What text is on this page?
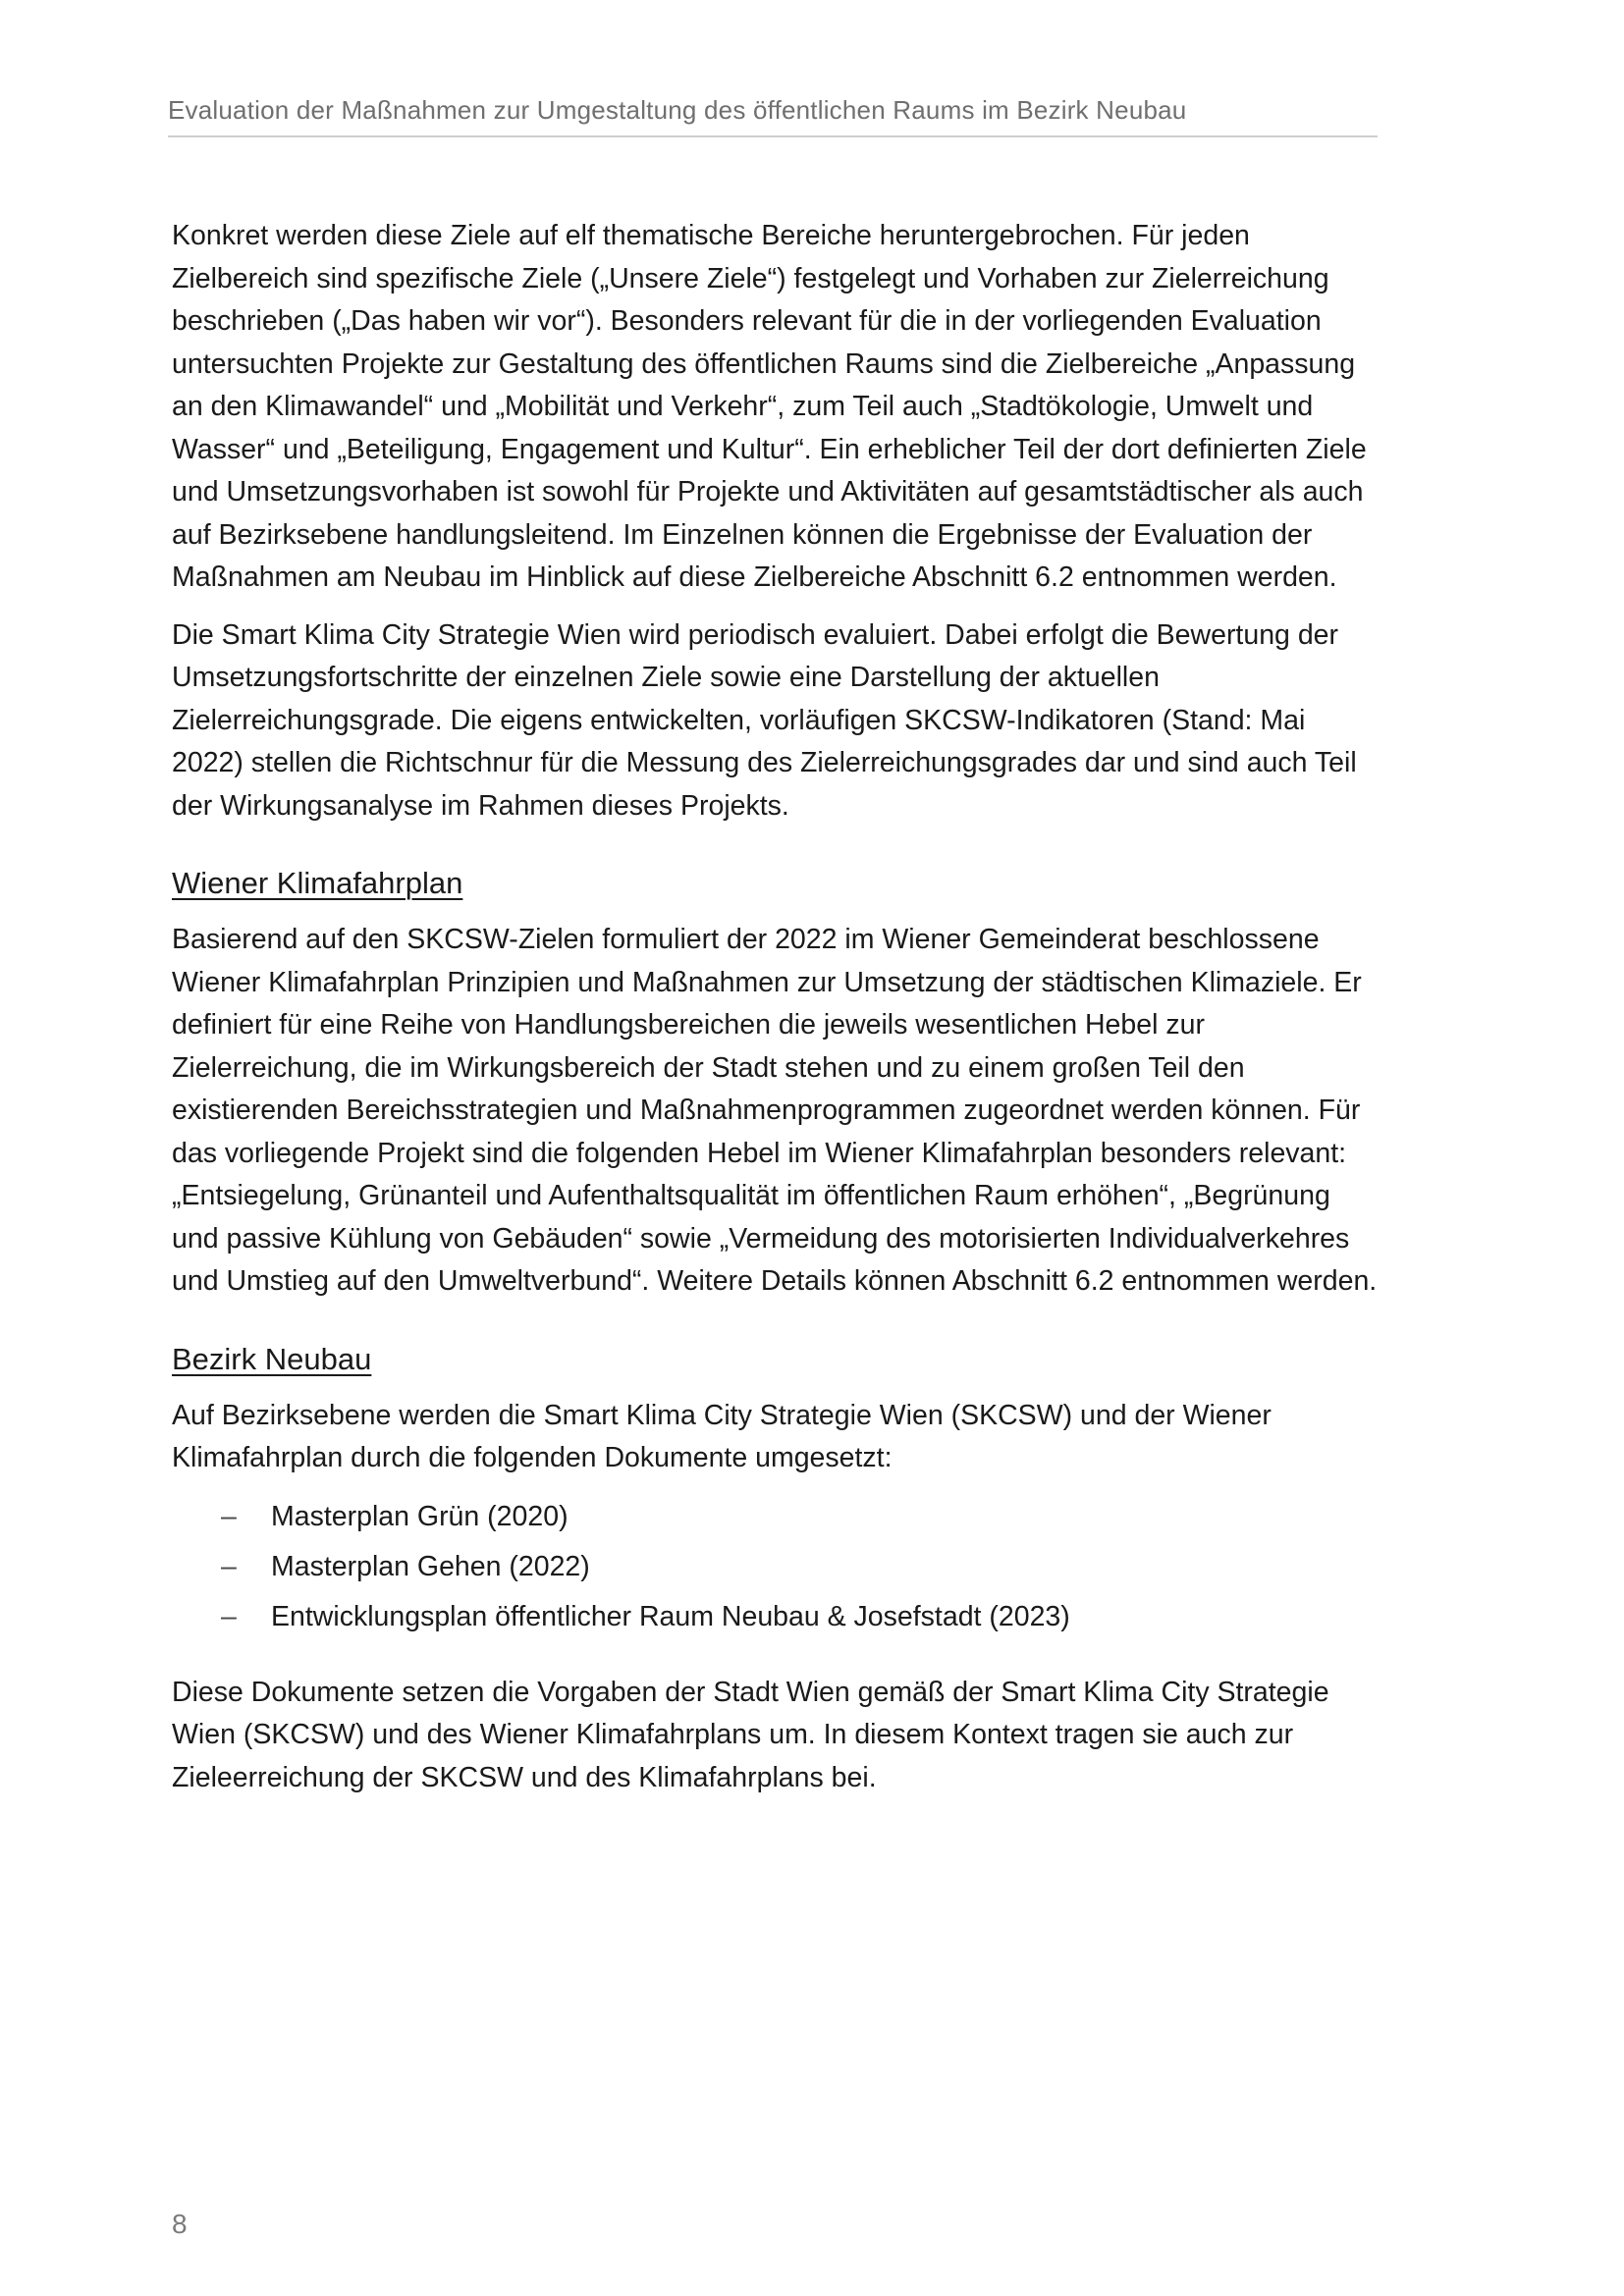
Evaluation der Maßnahmen zur Umgestaltung des öffentlichen Raums im Bezirk Neubau

Konkret werden diese Ziele auf elf thematische Bereiche heruntergebrochen. Für jeden Zielbereich sind spezifische Ziele („Unsere Ziele“) festgelegt und Vorhaben zur Zielerreichung beschrieben („Das haben wir vor“). Besonders relevant für die in der vorliegenden Evaluation untersuchten Projekte zur Gestaltung des öffentlichen Raums sind die Zielbereiche „Anpassung an den Klimawandel“ und „Mobilität und Verkehr“, zum Teil auch „Stadtökologie, Umwelt und Wasser“ und „Beteiligung, Engagement und Kultur“. Ein erheblicher Teil der dort definierten Ziele und Umsetzungsvorhaben ist sowohl für Projekte und Aktivitäten auf gesamtstädtischer als auch auf Bezirksebene handlungsleitend. Im Einzelnen können die Ergebnisse der Evaluation der Maßnahmen am Neubau im Hinblick auf diese Zielbereiche Abschnitt 6.2 entnommen werden.

Die Smart Klima City Strategie Wien wird periodisch evaluiert. Dabei erfolgt die Bewertung der Umsetzungsfortschritte der einzelnen Ziele sowie eine Darstellung der aktuellen Zielerreichungsgrade. Die eigens entwickelten, vorläufigen SKCSW-Indikatoren (Stand: Mai 2022) stellen die Richtschnur für die Messung des Zielerreichungsgrades dar und sind auch Teil der Wirkungsanalyse im Rahmen dieses Projekts.

Wiener Klimafahrplan

Basierend auf den SKCSW-Zielen formuliert der 2022 im Wiener Gemeinderat beschlossene Wiener Klimafahrplan Prinzipien und Maßnahmen zur Umsetzung der städtischen Klimaziele. Er definiert für eine Reihe von Handlungsbereichen die jeweils wesentlichen Hebel zur Zielerreichung, die im Wirkungsbereich der Stadt stehen und zu einem großen Teil den existierenden Bereichsstrategien und Maßnahmenprogrammen zugeordnet werden können. Für das vorliegende Projekt sind die folgenden Hebel im Wiener Klimafahrplan besonders relevant: „Entsiegelung, Grünanteil und Aufenthaltsqualität im öffentlichen Raum erhöhen“, „Begrünung und passive Kühlung von Gebäuden“ sowie „Vermeidung des motorisierten Individualverkehres und Umstieg auf den Umweltverbund“. Weitere Details können Abschnitt 6.2 entnommen werden.

Bezirk Neubau

Auf Bezirksebene werden die Smart Klima City Strategie Wien (SKCSW) und der Wiener Klimafahrplan durch die folgenden Dokumente umgesetzt:

– Masterplan Grün (2020)
– Masterplan Gehen (2022)
– Entwicklungsplan öffentlicher Raum Neubau & Josefstadt (2023)

Diese Dokumente setzen die Vorgaben der Stadt Wien gemäß der Smart Klima City Strategie Wien (SKCSW) und des Wiener Klimafahrplans um. In diesem Kontext tragen sie auch zur Zieleerreichung der SKCSW und des Klimafahrplans bei.

8
